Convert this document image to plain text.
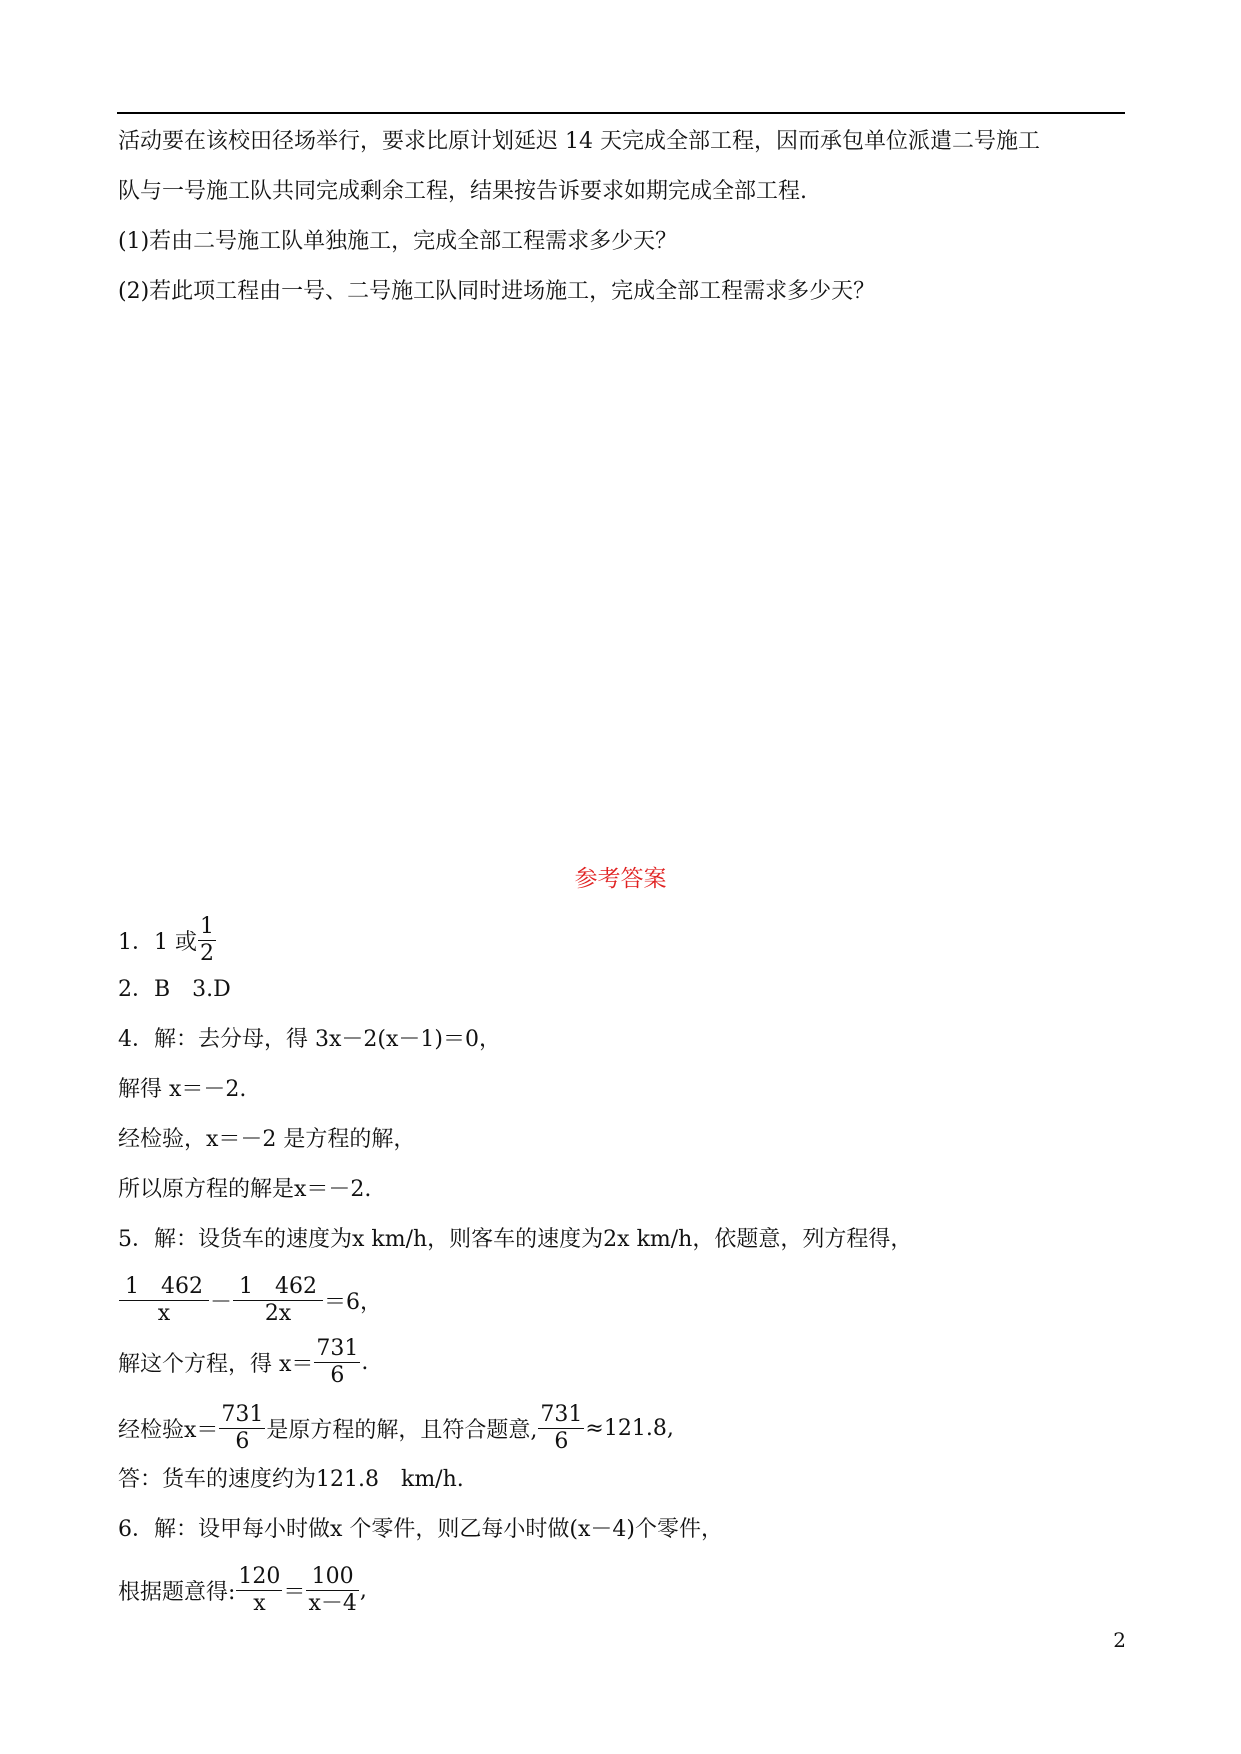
活动要在该校田径场举行，要求比原计划延迟 14 天完成全部工程，因而承包单位派遣二号施工
队与一号施工队共同完成剩余工程，结果按告诉要求如期完成全部工程.
(1)若由二号施工队单独施工，完成全部工程需求多少天？
(2)若此项工程由一号、二号施工队同时进场施工，完成全部工程需求多少天？
参考答案
1．1 或 $\frac{1}{2}$
2．B　3.D
4．解：去分母，得 3x－2(x－1)＝0，
解得 x＝－2.
经检验，x＝－2 是方程的解，
所以原方程的解是x＝－2.
5．解：设货车的速度为x km/h，则客车的速度为2x km/h，依题意，列方程得，
$\frac{1 462}{x} - \frac{1 462}{2x} =6$，
解这个方程，得 $x= \frac{731}{6}$ .
经检验$x= \frac{731}{6}$ 是原方程的解，且符合题意, $\frac{731}{6} \approx 121.8$,
答：货车的速度约为121.8　km/h.
6．解：设甲每小时做x 个零件，则乙每小时做(x－4)个零件，
根据题意得: $\frac{120}{x} = \frac{100}{x-4}$ ,
2
